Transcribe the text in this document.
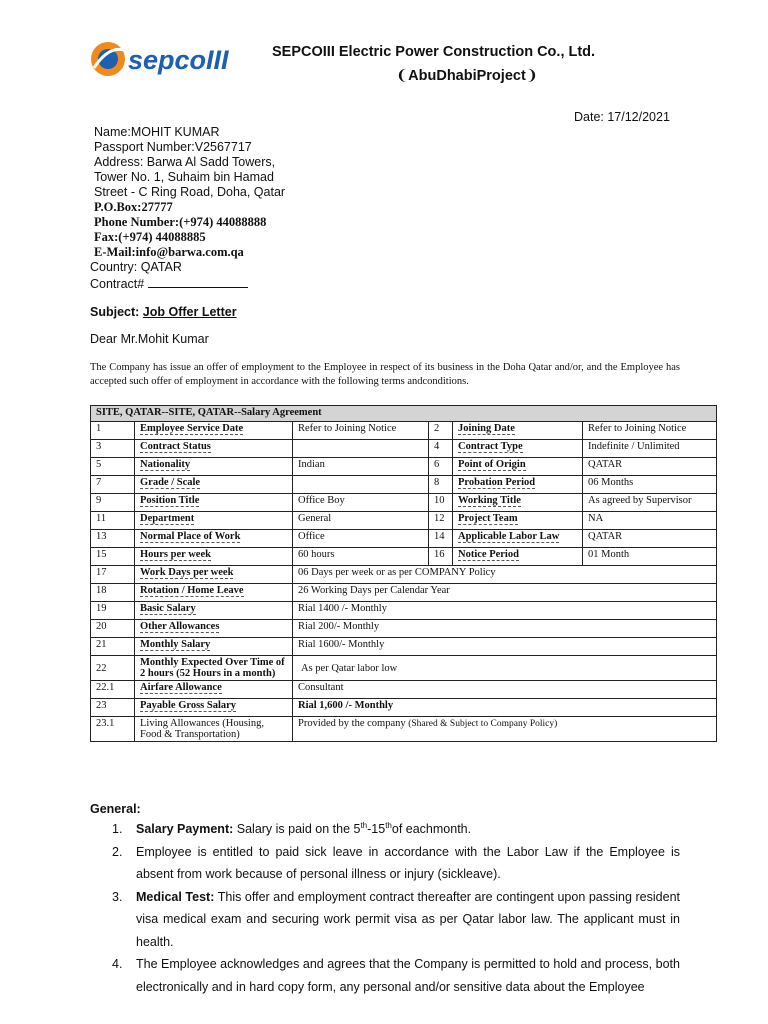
sepcoIII	SEPCOIII Electric Power Construction Co., Ltd.
❨AbuDhabiProject❩
Date: 17/12/2021
Name:MOHIT KUMAR
Passport Number:V2567717
Address: Barwa Al Sadd Towers,
Tower No. 1, Suhaim bin Hamad
Street - C Ring Road, Doha, Qatar
P.O.Box:27777
Phone Number:(+974) 44088888
Fax:(+974) 44088885
E-Mail:info@barwa.com.qa
Country: QATAR
Contract#
Subject: Job Offer Letter
Dear Mr.Mohit Kumar
The Company has issue an offer of employment to the Employee in respect of its business in the Doha Qatar and/or, and the Employee has accepted such offer of employment in accordance with the following terms andconditions.
SITE, QATAR--SITE, QATAR--Salary Agreement					
1	Employee Service Date	Refer to Joining Notice	2	Joining Date	Refer to Joining Notice
3	Contract Status		4	Contract Type	Indefinite / Unlimited
5	Nationality	Indian	6	Point of Origin	QATAR
7	Grade / Scale		8	Probation Period	06 Months
9	Position Title	Office Boy	10	Working Title	As agreed by Supervisor
11	Department	General	12	Project Team	NA
13	Normal Place of Work	Office	14	Applicable Labor Law	QATAR
15	Hours per week	60 hours	16	Notice Period	01 Month
17	Work Days per week	06 Days per week or as per COMPANY Policy			
18	Rotation / Home Leave	26 Working Days per Calendar Year			
19	Basic Salary	Rial 1400 /- Monthly			
20	Other Allowances	Rial 200/- Monthly			
21	Monthly Salary	Rial 1600/- Monthly			
22	Monthly Expected Over Time of 2 hours (52 Hours in a month)	As per Qatar labor low			
22.1	Airfare Allowance	Consultant			
23	Payable Gross Salary	Rial 1,600 /- Monthly			
23.1	Living Allowances (Housing, Food & Transportation)	Provided by the company (Shared & Subject to Company Policy)			
General:
1. Salary Payment: Salary is paid on the 5th-15thof eachmonth.
2. Employee is entitled to paid sick leave in accordance with the Labor Law if the Employee is absent from work because of personal illness or injury (sickleave).
3. Medical Test: This offer and employment contract thereafter are contingent upon passing resident visa medical exam and securing work permit visa as per Qatar labor law. The applicant must in health.
4. The Employee acknowledges and agrees that the Company is permitted to hold and process, both electronically and in hard copy form, any personal and/or sensitive data about the Employee
